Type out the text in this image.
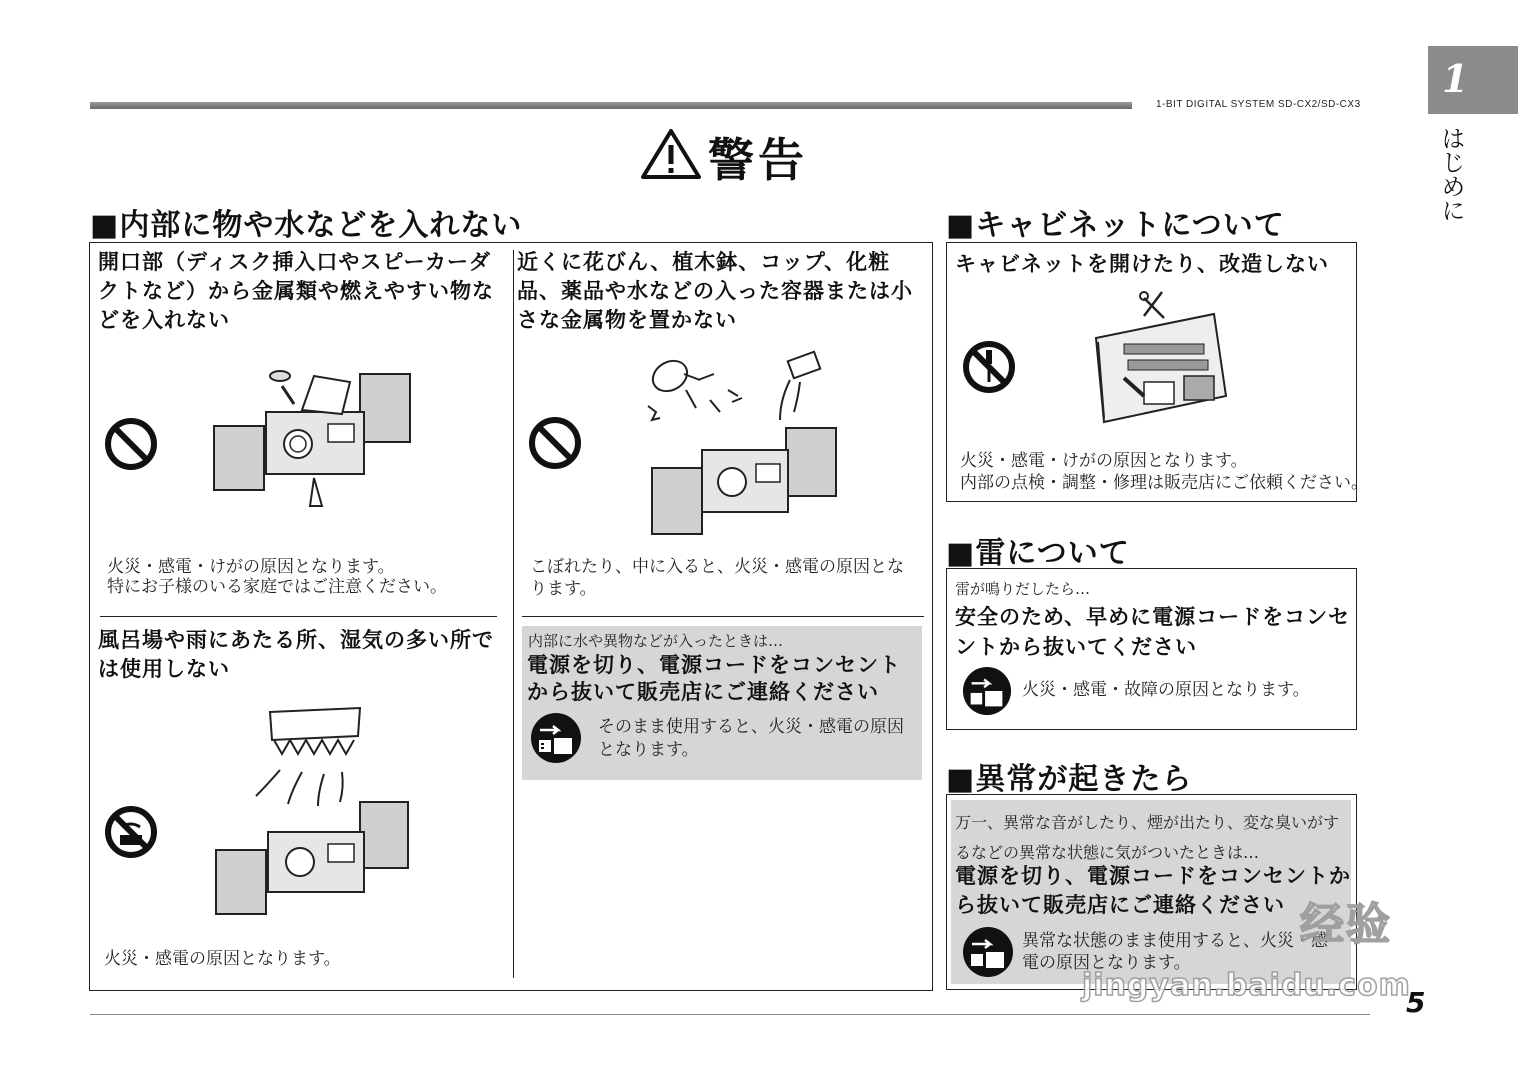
1-BIT DIGITAL SYSTEM SD-CX2/SD-CX3
1
はじめに
警告
■内部に物や水などを入れない
開口部（ディスク挿入口やスピーカーダクトなど）から金属類や燃えやすい物などを入れない
火災・感電・けがの原因となります。
特にお子様のいる家庭ではご注意ください。
風呂場や雨にあたる所、湿気の多い所では使用しない
火災・感電の原因となります。
近くに花びん、植木鉢、コップ、化粧品、薬品や水などの入った容器または小さな金属物を置かない
こぼれたり、中に入ると、火災・感電の原因となります。
内部に水や異物などが入ったときは…
電源を切り、電源コードをコンセントから抜いて販売店にご連絡ください
そのまま使用すると、火災・感電の原因となります。
■キャビネットについて
キャビネットを開けたり、改造しない
火災・感電・けがの原因となります。
内部の点検・調整・修理は販売店にご依頼ください。
■雷について
雷が鳴りだしたら…
安全のため、早めに電源コードをコンセントから抜いてください
火災・感電・故障の原因となります。
■異常が起きたら
万一、異常な音がしたり、煙が出たり、変な臭いがするなどの異常な状態に気がついたときは…
電源を切り、電源コードをコンセントから抜いて販売店にご連絡ください
異常な状態のまま使用すると、火災・感電の原因となります。
经验
jingyan.baidu.com
5
